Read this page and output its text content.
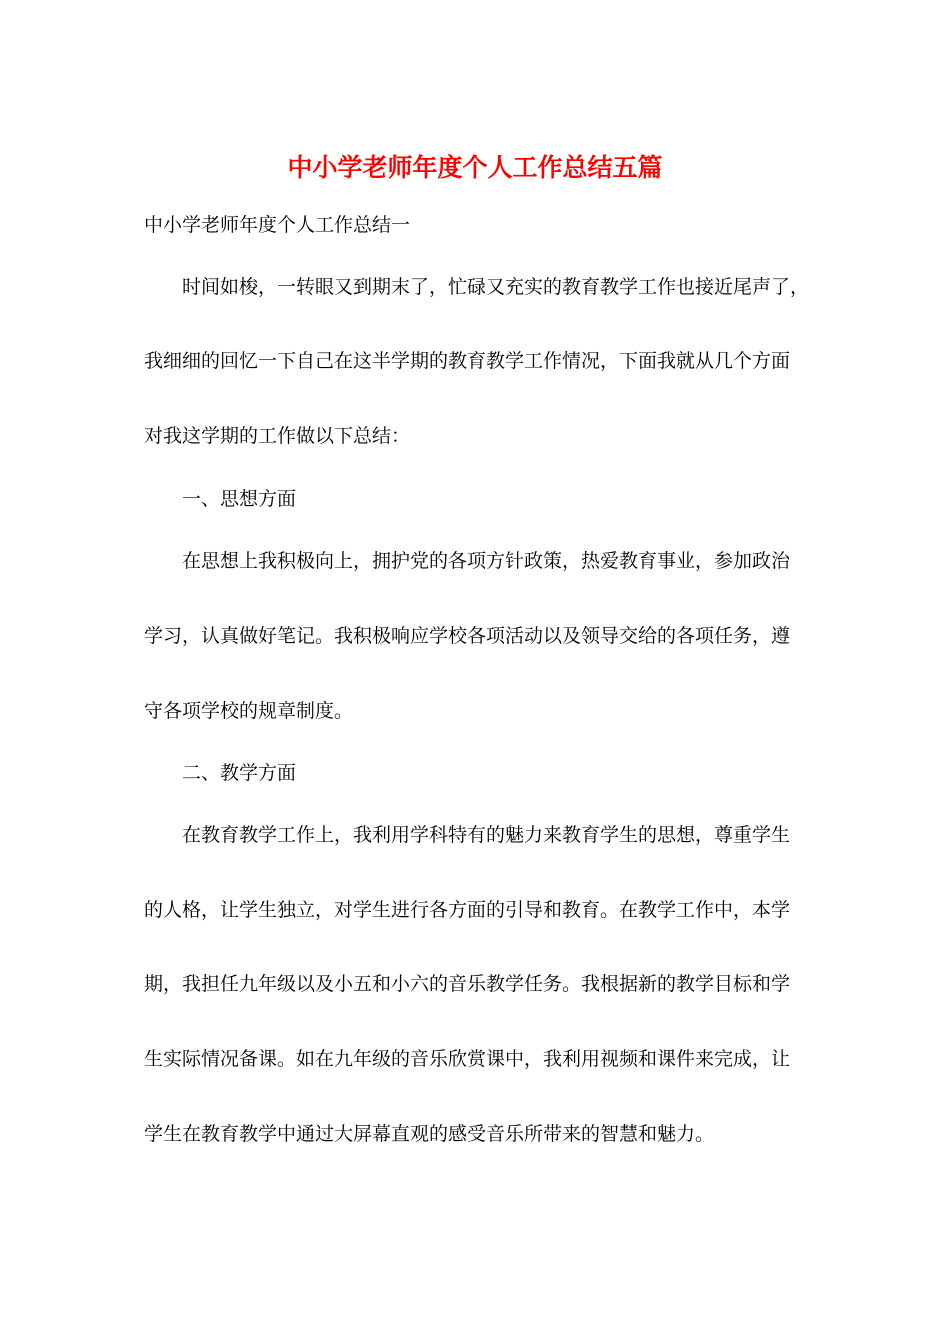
中小学老师年度个人工作总结五篇
中小学老师年度个人工作总结一
时间如梭，一转眼又到期末了，忙碌又充实的教育教学工作也接近尾声了，
我细细的回忆一下自己在这半学期的教育教学工作情况，下面我就从几个方面
对我这学期的工作做以下总结：
一、思想方面
在思想上我积极向上，拥护党的各项方针政策，热爱教育事业，参加政治
学习，认真做好笔记。我积极响应学校各项活动以及领导交给的各项任务，遵
守各项学校的规章制度。
二、教学方面
在教育教学工作上，我利用学科特有的魅力来教育学生的思想，尊重学生
的人格，让学生独立，对学生进行各方面的引导和教育。在教学工作中，本学
期，我担任九年级以及小五和小六的音乐教学任务。我根据新的教学目标和学
生实际情况备课。如在九年级的音乐欣赏课中，我利用视频和课件来完成，让
学生在教育教学中通过大屏幕直观的感受音乐所带来的智慧和魅力。
